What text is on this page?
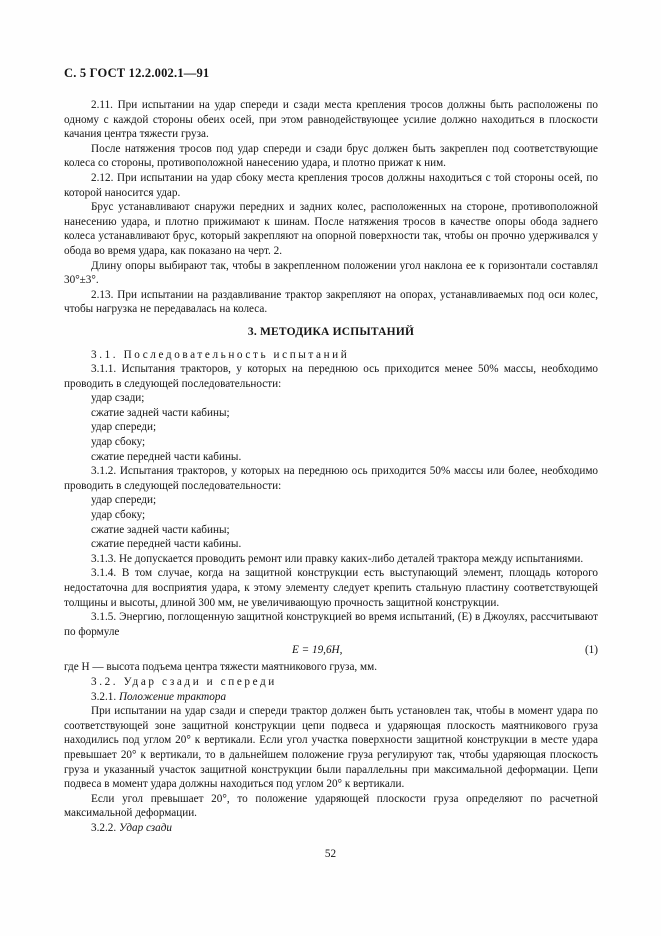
С. 5 ГОСТ 12.2.002.1—91

2.11. При испытании на удар спереди и сзади места крепления тросов должны быть расположены по одному с каждой стороны обеих осей, при этом равнодействующее усилие должно находиться в плоскости качания центра тяжести груза.

После натяжения тросов под удар спереди и сзади брус должен быть закреплен под соответствующие колеса со стороны, противоположной нанесению удара, и плотно прижат к ним.

2.12. При испытании на удар сбоку места крепления тросов должны находиться с той стороны осей, по которой наносится удар.

Брус устанавливают снаружи передних и задних колес, расположенных на стороне, противоположной нанесению удара, и плотно прижимают к шинам. После натяжения тросов в качестве опоры обода заднего колеса устанавливают брус, который закрепляют на опорной поверхности так, чтобы он прочно удерживался у обода во время удара, как показано на черт. 2.

Длину опоры выбирают так, чтобы в закрепленном положении угол наклона ее к горизонтали составлял 30°±3°.

2.13. При испытании на раздавливание трактор закрепляют на опорах, устанавливаемых под оси колес, чтобы нагрузка не передавалась на колеса.

3. МЕТОДИКА ИСПЫТАНИЙ

3.1. Последовательность испытаний

3.1.1. Испытания тракторов, у которых на переднюю ось приходится менее 50% массы, необходимо проводить в следующей последовательности:

удар сзади;

сжатие задней части кабины;

удар спереди;

удар сбоку;

сжатие передней части кабины.

3.1.2. Испытания тракторов, у которых на переднюю ось приходится 50% массы или более, необходимо проводить в следующей последовательности:

удар спереди;

удар сбоку;

сжатие задней части кабины;

сжатие передней части кабины.

3.1.3. Не допускается проводить ремонт или правку каких-либо деталей трактора между испытаниями.

3.1.4. В том случае, когда на защитной конструкции есть выступающий элемент, площадь которого недостаточна для восприятия удара, к этому элементу следует крепить стальную пластину соответствующей толщины и высоты, длиной 300 мм, не увеличивающую прочность защитной конструкции.

3.1.5. Энергию, поглощенную защитной конструкцией во время испытаний, (E) в Джоулях, рассчитывают по формуле

E = 19,6H,	(1)

где H — высота подъема центра тяжести маятникового груза, мм.

3.2. Удар сзади и спереди

3.2.1. Положение трактора

При испытании на удар сзади и спереди трактор должен быть установлен так, чтобы в момент удара по соответствующей зоне защитной конструкции цепи подвеса и ударяющая плоскость маятникового груза находились под углом 20° к вертикали. Если угол участка поверхности защитной конструкции в месте удара превышает 20° к вертикали, то в дальнейшем положение груза регулируют так, чтобы ударяющая плоскость груза и указанный участок защитной конструкции были параллельны при максимальной деформации. Цепи подвеса в момент удара должны находиться под углом 20° к вертикали.

Если угол превышает 20°, то положение ударяющей плоскости груза определяют по расчетной максимальной деформации.

3.2.2. Удар сзади

52
